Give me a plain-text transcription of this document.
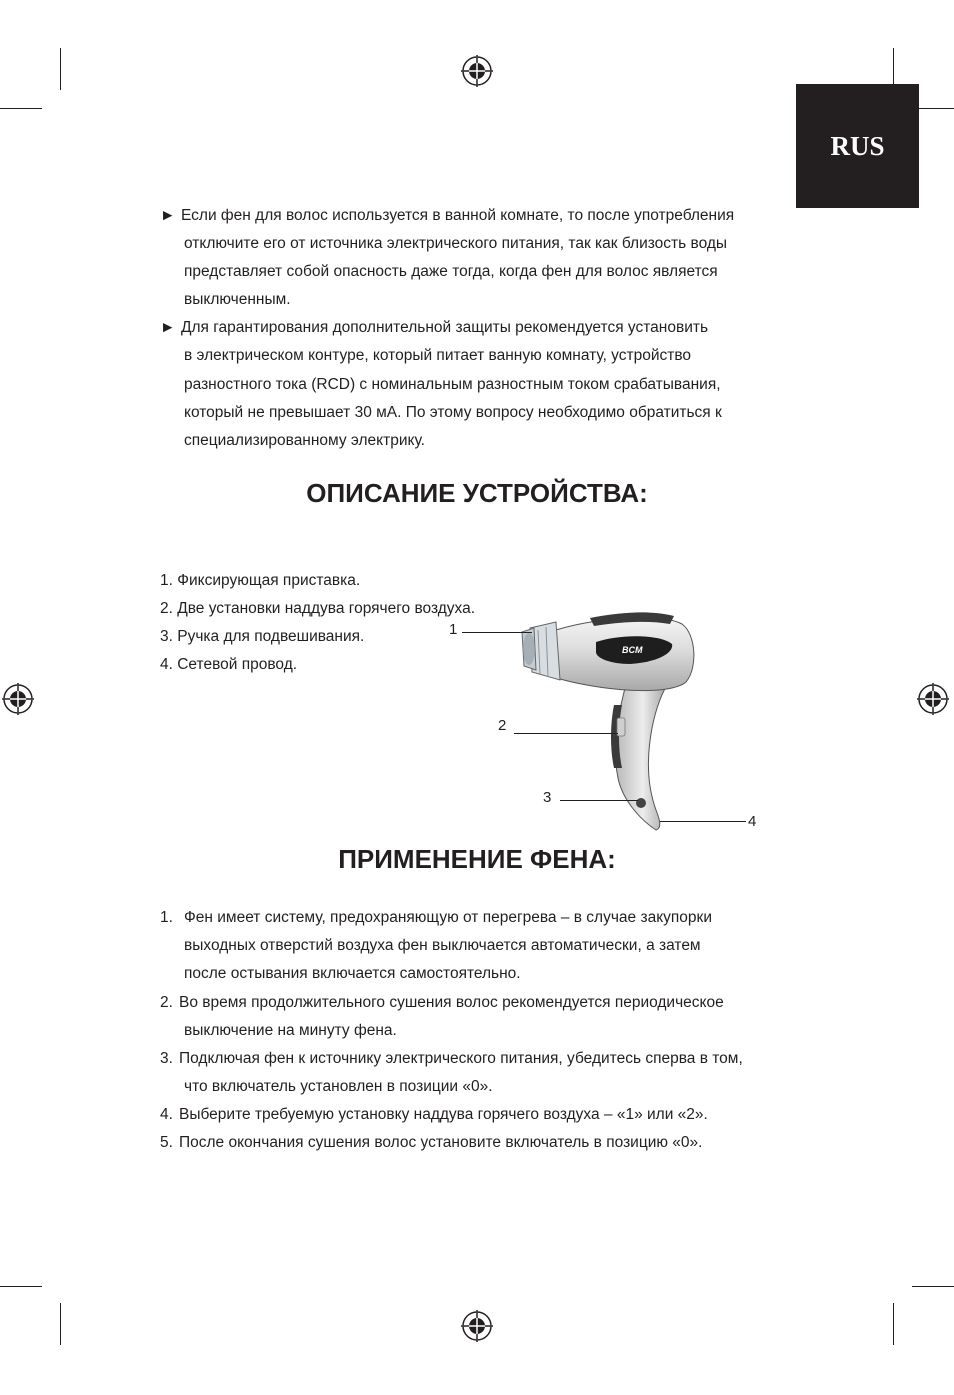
RUS
► Если фен для волос используется в ванной комнате, то после употребления
отключите его от источника электрического питания, так как близость воды
представляет собой опасность даже тогда, когда фен для волос является
выключенным.
► Для гарантирования дополнительной защиты рекомендуется установить
в электрическом контуре, который питает ванную комнату, устройство
разностного тока (RCD) с номинальным разностным током срабатывания,
который не превышает 30 мА. По этому вопросу необходимо обратиться к
специализированному электрику.
ОПИСАНИЕ УСТРОЙСТВА:
1. Фиксирующая приставка.
2. Две установки наддува горячего воздуха.
3. Ручка для подвешивания.
4. Сетевой провод.
BCM
1
2
3
4
ПРИМЕНЕНИЕ ФЕНА:
1. Фен имеет систему, предохраняющую от перегрева – в случае закупорки
выходных отверстий воздуха фен выключается автоматически, а затем
после остывания включается самостоятельно.
2. Во время продолжительного сушения волос рекомендуется периодическое
выключение на минуту фена.
3. Подключая фен к источнику электрического питания, убедитесь сперва в том,
что включатель установлен в позиции «0».
4. Выберите требуемую установку наддува горячего воздуха – «1» или «2».
5. После окончания сушения волос установите включатель в позицию «0».
